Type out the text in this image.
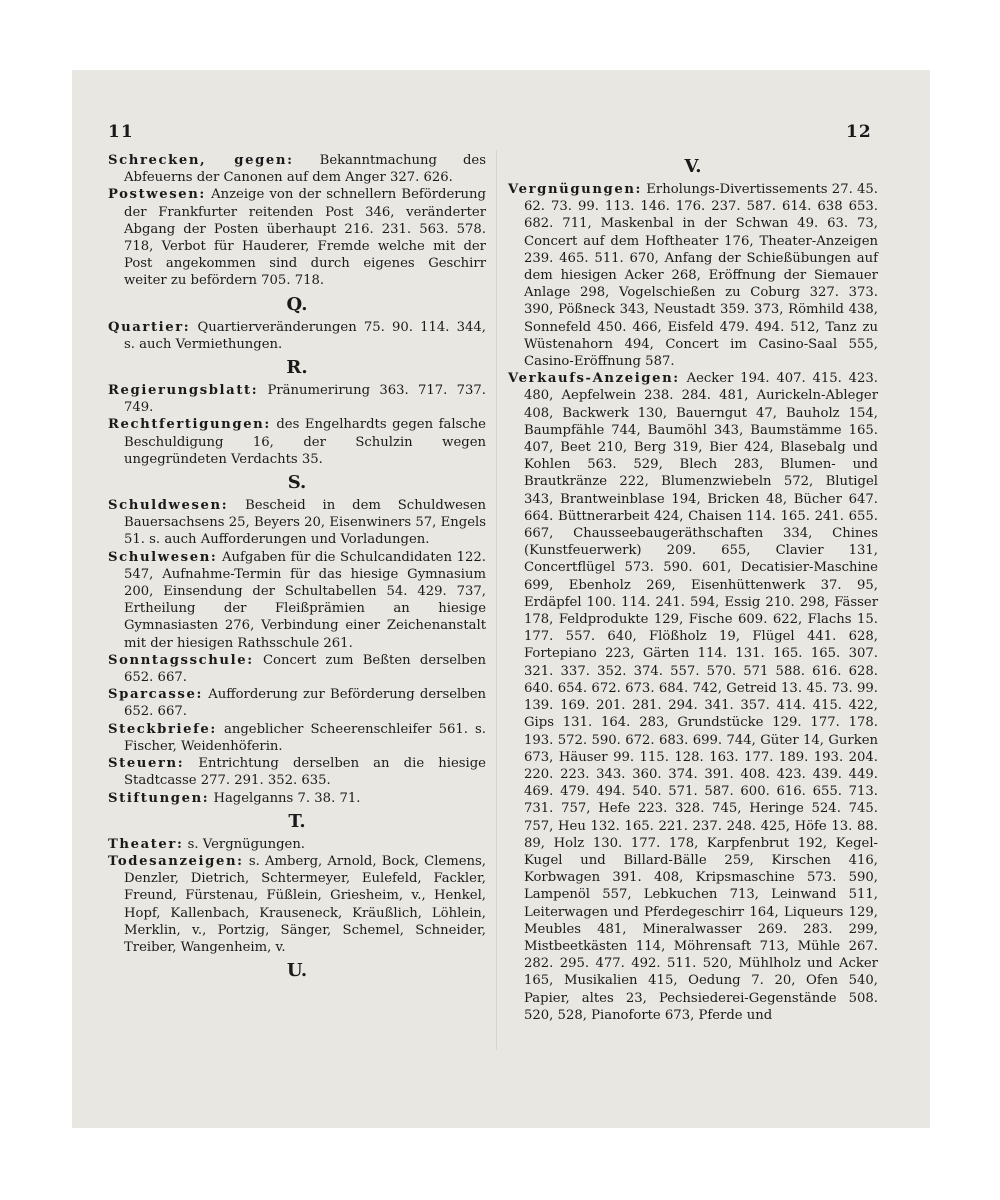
11	12

Schrecken, gegen: Bekanntmachung des Abfeuerns der Canonen auf dem Anger 327. 626.

Postwesen: Anzeige von der schnellern Beförderung der Frankfurter reitenden Post 346, veränderter Abgang der Posten überhaupt 216. 231. 563. 578. 718, Verbot für Hauderer, Fremde welche mit der Post angekommen sind durch eigenes Geschirr weiter zu befördern 705. 718.

Q.

Quartier: Quartierveränderungen 75. 90. 114. 344, s. auch Vermiethungen.

R.

Regierungsblatt: Pränumerirung 363. 717. 737. 749.

Rechtfertigungen: des Engelhardts gegen falsche Beschuldigung 16, der Schulzin wegen ungegründeten Verdachts 35.

S.

Schuldwesen: Bescheid in dem Schuldwesen Bauersachsens 25, Beyers 20, Eisenwiners 57, Engels 51. s. auch Aufforderungen und Vorladungen.

Schulwesen: Aufgaben für die Schulcandidaten 122. 547, Aufnahme-Termin für das hiesige Gymnasium 200, Einsendung der Schultabellen 54. 429. 737, Ertheilung der Fleißprämien an hiesige Gymnasiasten 276, Verbindung einer Zeichenanstalt mit der hiesigen Rathsschule 261.

Sonntagsschule: Concert zum Beßten derselben 652. 667.

Sparcasse: Aufforderung zur Beförderung derselben 652. 667.

Steckbriefe: angeblicher Scheerenschleifer 561. s. Fischer, Weidenhöferin.

Steuern: Entrichtung derselben an die hiesige Stadtcasse 277. 291. 352. 635.

Stiftungen: Hagelganns 7. 38. 71.

T.

Theater: s. Vergnügungen.

Todesanzeigen: s. Amberg, Arnold, Bock, Clemens, Denzler, Dietrich, Schtermeyer, Eulefeld, Fackler, Freund, Fürstenau, Füßlein, Griesheim, v., Henkel, Hopf, Kallenbach, Krauseneck, Kräußlich, Löhlein, Merklin, v., Portzig, Sänger, Schemel, Schneider, Treiber, Wangenheim, v.

U.
V.

Vergnügungen: Erholungs-Divertissements 27. 45. 62. 73. 99. 113. 146. 176. 237. 587. 614. 638 653. 682. 711, Maskenbal in der Schwan 49. 63. 73, Concert auf dem Hoftheater 176, Theater-Anzeigen 239. 465. 511. 670, Anfang der Schießübungen auf dem hiesigen Acker 268, Eröffnung der Siemauer Anlage 298, Vogelschießen zu Coburg 327. 373. 390, Pößneck 343, Neustadt 359. 373, Römhild 438, Sonnefeld 450. 466, Eisfeld 479. 494. 512, Tanz zu Wüstenahorn 494, Concert im Casino-Saal 555, Casino-Eröffnung 587.

Verkaufs-Anzeigen: Aecker 194. 407. 415. 423. 480, Aepfelwein 238. 284. 481, Aurickeln-Ableger 408, Backwerk 130, Bauerngut 47, Bauholz 154, Baumpfähle 744, Baumöhl 343, Baumstämme 165. 407, Beet 210, Berg 319, Bier 424, Blasebalg und Kohlen 563. 529, Blech 283, Blumen- und Brautkränze 222, Blumenzwiebeln 572, Blutigel 343, Brantweinblase 194, Bricken 48, Bücher 647. 664. Büttnerarbeit 424, Chaisen 114. 165. 241. 655. 667, Chausseebaugeräthschaften 334, Chines (Kunstfeuerwerk) 209. 655, Clavier 131, Concertflügel 573. 590. 601, Decatisier-Maschine 699, Ebenholz 269, Eisenhüttenwerk 37. 95, Erdäpfel 100. 114. 241. 594, Essig 210. 298, Fässer 178, Feldprodukte 129, Fische 609. 622, Flachs 15. 177. 557. 640, Flößholz 19, Flügel 441. 628, Fortepiano 223, Gärten 114. 131. 165. 165. 307. 321. 337. 352. 374. 557. 570. 571 588. 616. 628. 640. 654. 672. 673. 684. 742, Getreid 13. 45. 73. 99. 139. 169. 201. 281. 294. 341. 357. 414. 415. 422, Gips 131. 164. 283, Grundstücke 129. 177. 178. 193. 572. 590. 672. 683. 699. 744, Güter 14, Gurken 673, Häuser 99. 115. 128. 163. 177. 189. 193. 204. 220. 223. 343. 360. 374. 391. 408. 423. 439. 449. 469. 479. 494. 540. 571. 587. 600. 616. 655. 713. 731. 757, Hefe 223. 328. 745, Heringe 524. 745. 757, Heu 132. 165. 221. 237. 248. 425, Höfe 13. 88. 89, Holz 130. 177. 178, Karpfenbrut 192, Kegel-Kugel und Billard-Bälle 259, Kirschen 416, Korbwagen 391. 408, Kripsmaschine 573. 590, Lampenöl 557, Lebkuchen 713, Leinwand 511, Leiterwagen und Pferdegeschirr 164, Liqueurs 129, Meubles 481, Mineralwasser 269. 283. 299, Mistbeetkästen 114, Möhrensaft 713, Mühle 267. 282. 295. 477. 492. 511. 520, Mühlholz und Acker 165, Musikalien 415, Oedung 7. 20, Ofen 540, Papier, altes 23, Pechsiederei-Gegenstände 508. 520, 528, Pianoforte 673, Pferde und
